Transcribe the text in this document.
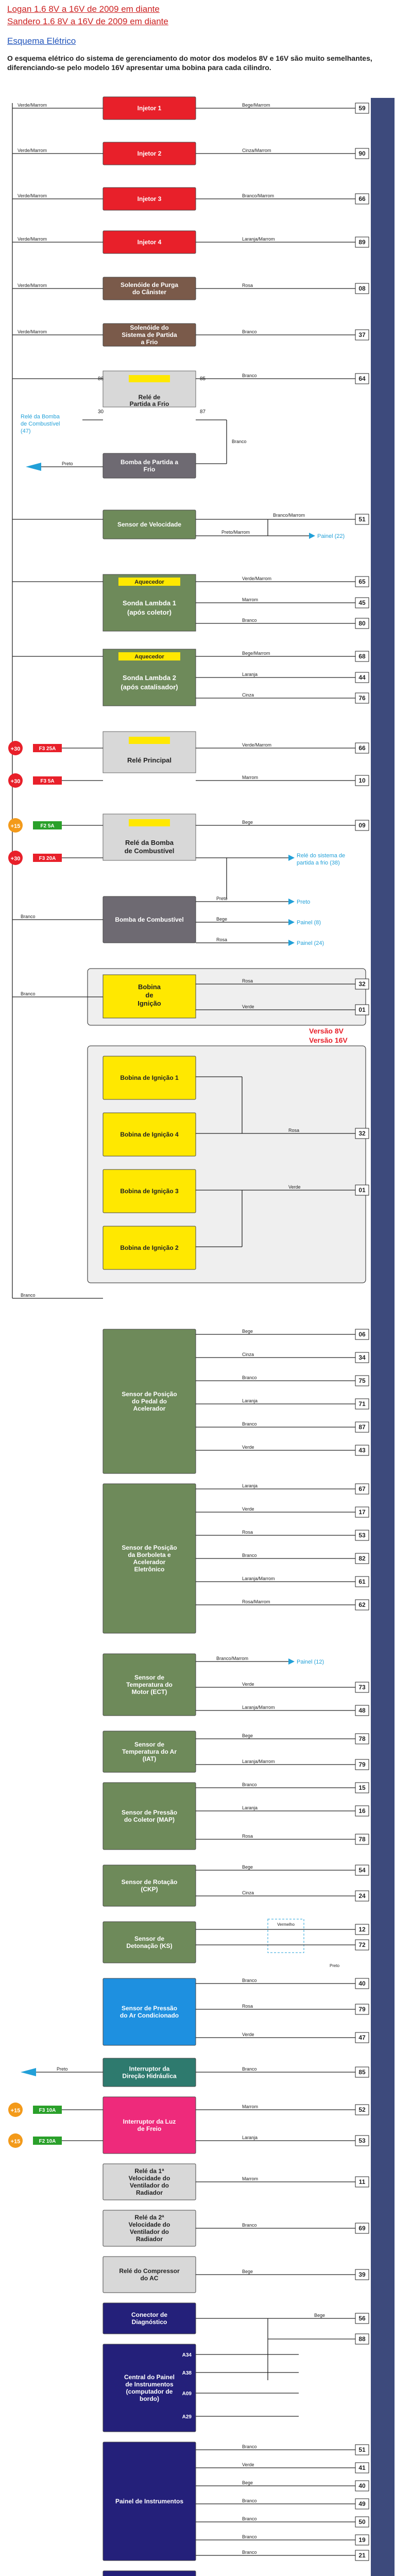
Logan 1.6 8V a 16V de 2009 em diante
Sandero 1.6 8V a 16V de 2009 em diante
Esquema Elétrico
O esquema elétrico do sistema de gerenciamento do motor dos modelos 8V e 16V são muito semelhantes, diferenciando-se pelo modelo 16V apresentar uma bobina para cada cilindro.
Injetor 1
Verde/Marrom	Bege/Marrom	59
Injetor 2
Verde/Marrom	Cinza/Marrom	90
Injetor 3
Verde/Marrom	Branco/Marrom	66
Injetor 4
Verde/Marrom	Laranja/Marrom	89
Solenóide de Purga
do Cânister
Verde/Marrom	Rosa	08
Solenóide do
Sistema de Partida
a Frio
Verde/Marrom	Branco	37
Relé de
Partida a Frio
86	85
30	87
Branco	64
Relé da Bomba
de Combustível
(47)
Branco
Bomba de Partida a
Frio
Preto
Sensor de Velocidade
Branco/Marrom
51
Painel (22)
Preto/Marrom
Aquecedor
Sonda Lambda 1
(após coletor)
Verde/Marrom	65
Marrom	45
Branco	80
Aquecedor
Sonda Lambda 2
(após catalisador)
Bege/Marrom	68
Laranja	44
Cinza	76
Relé Principal
+30	F3 25A
Verde/Marrom	66
Marrom	10
+30	F3 5A
Relé da Bomba
de Combustível
+15	F2 5A
+30	F3 20A
Bege	09
Relé do sistema de
partida a frio (38)
Bomba de Combustível
Branco
Preto
Preto
Painel (8)
Bege
Painel (24)
Rosa
Bobina
de
Ignição
Versão 8V
Rosa	32
Verde	01
Branco
Versão 16V
Bobina de Ignição 1
Bobina de Ignição 4
Bobina de Ignição 3
Bobina de Ignição 2
Rosa	32
Verde	01
Branco
Sensor de Posição
do Pedal do
Acelerador
Bege	06
Cinza	34
Branco	75
Laranja	71
Branco	87
Verde	43
Sensor de Posição
da Borboleta e
Acelerador
Eletrônico
Laranja	67
Verde	17
Rosa	53
Branco	82
Laranja/Marrom	61
Rosa/Marrom	62
Sensor de
Temperatura do
Motor (ECT)
Painel (12)
Branco/Marrom
Verde	73
Laranja/Marrom	48
Sensor de
Temperatura do Ar
(IAT)
Bege	78
Laranja/Marrom	79
Sensor de Pressão
do Coletor (MAP)
Branco	15
Laranja	16
Rosa	78
Sensor de Rotação
(CKP)
Bege	54
Cinza	24
Sensor de
Detonação (KS)
Vermelho
12
72
Preto
Sensor de Pressão
do Ar Condicionado
Branco	40
Rosa	79
Verde	47
Interruptor da
Direção Hidráulica
Preto	Branco	85
Interruptor da Luz
de Freio
+15	F3 10A
+15	F2 10A
Marrom	52
Laranja	53
Relé da 1ª
Velocidade do
Ventilador do
Radiador
Marrom	11
Relé da 2ª
Velocidade do
Ventilador do
Radiador
Branco	69
Relé do Compressor
do AC
Bege	39
Conector de
Diagnóstico
Bege	56
88
Central do Painel
de Instrumentos
(computador de
bordo)
A34
A38
A09
A29
Painel de Instrumentos
Branco	51
Verde	41
Bege	40
Branco	49
Branco	50
Branco	19
Branco	21
